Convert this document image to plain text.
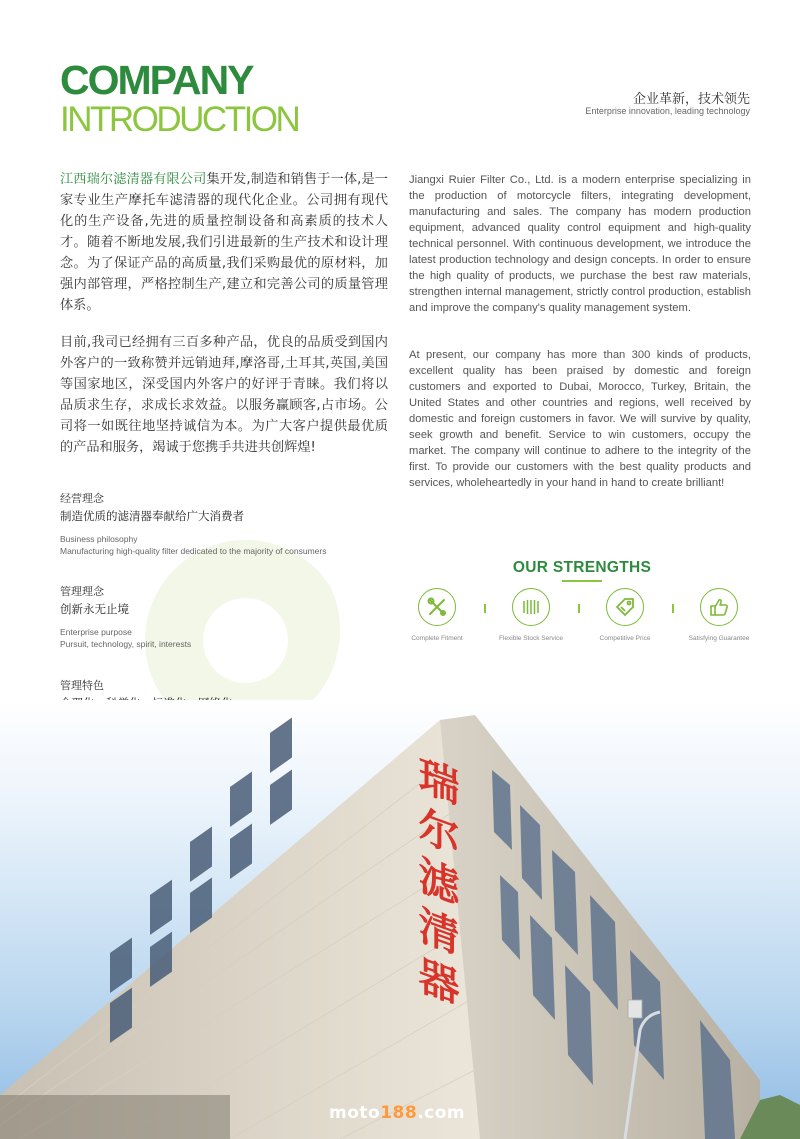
COMPANY
INTRODUCTION
企业革新，技术领先
Enterprise innovation, leading technology
江西瑞尔滤清器有限公司集开发,制造和销售于一体,是一家专业生产摩托车滤清器的现代化企业。公司拥有现代化的生产设备,先进的质量控制设备和高素质的技术人才。随着不断地发展,我们引进最新的生产技术和设计理念。为了保证产品的高质量,我们采购最优的原材料，加强内部管理，严格控制生产,建立和完善公司的质量管理体系。
目前,我司已经拥有三百多种产品，优良的品质受到国内外客户的一致称赞并远销迪拜,摩洛哥,土耳其,英国,美国等国家地区，深受国内外客户的好评于青睐。我们将以品质求生存，求成长求效益。以服务赢顾客,占市场。公司将一如既往地坚持诚信为本。为广大客户提供最优质的产品和服务，竭诚于您携手共进共创辉煌!
Jiangxi Ruier Filter Co., Ltd. is a modern enterprise specializing in the production of motorcycle filters, integrating development, manufacturing and sales. The company has modern production equipment, advanced quality control equipment and high-quality technical personnel. With continuous development, we introduce the latest production technology and design concepts. In order to ensure the high quality of products, we purchase the best raw materials, strengthen internal management, strictly control production, establish and improve the company's quality management system.
At present, our company has more than 300 kinds of products, excellent quality has been praised by domestic and foreign customers and exported to Dubai, Morocco, Turkey, Britain, the United States and other countries and regions, well received by domestic and foreign customers in favor. We will survive by quality, seek growth and benefit. Service to win customers, occupy the market. The company will continue to adhere to the integrity of the first. To provide our customers with the best quality products and services, wholeheartedly in your hand in hand to create brilliant!
经营理念
制造优质的滤清器奉献给广大消费者
Business philosophy
Manufacturing high-quality filter dedicated to the majority of consumers
管理理念
创新永无止境
Enterprise purpose
Pursuit, technology, spirit, interests
管理特色
OUR STRENGTHS
Complete Fitment	Flexible Stock Service	Competitive Price	Satisfying Guarantee
瑞尔滤清器
moto188.com
